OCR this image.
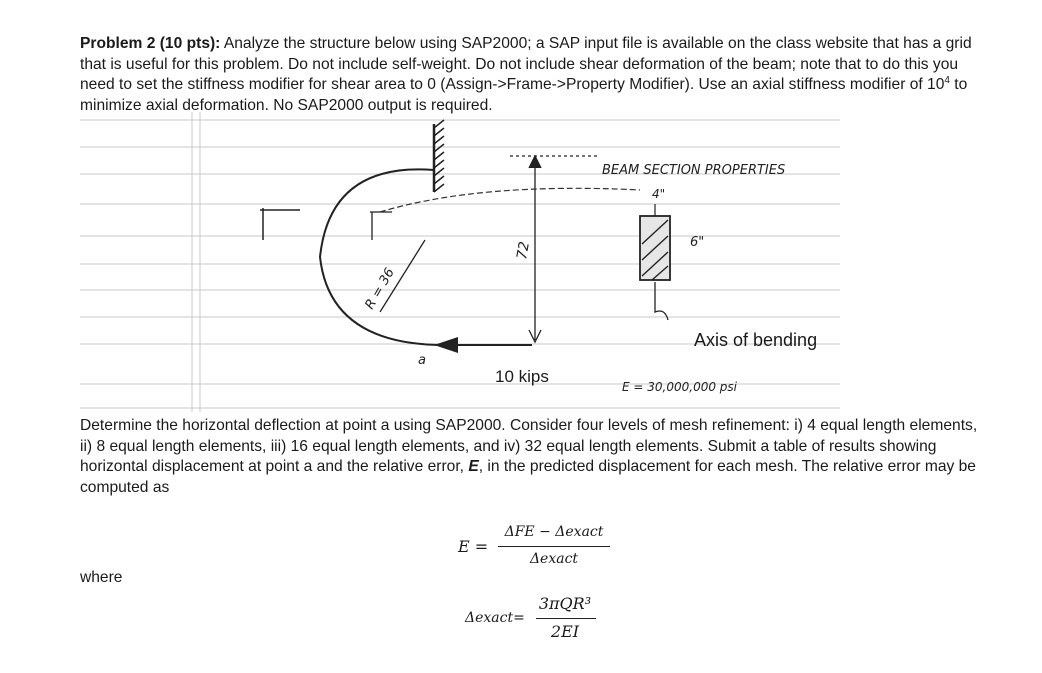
Problem 2 (10 pts): Analyze the structure below using SAP2000; a SAP input file is available on the class website that has a grid that is useful for this problem. Do not include self-weight. Do not include shear deformation of the beam; note that to do this you need to set the stiffness modifier for shear area to 0 (Assign->Frame->Property Modifier). Use an axial stiffness modifier of $10^4$ to minimize axial deformation. No SAP2000 output is required.
72
R = 36
a
10 kips
BEAM SECTION PROPERTIES
4"
6"
Axis of bending
E = 30,000,000 psi
Determine the horizontal deflection at point a using SAP2000. Consider four levels of mesh refinement: i) 4 equal length elements, ii) 8 equal length elements, iii) 16 equal length elements, and iv) 32 equal length elements. Submit a table of results showing horizontal displacement at point a and the relative error, E, in the predicted displacement for each mesh. The relative error may be computed as
E =
ΔFE − Δexact
Δexact
where
Δexact=
3πQR³
2EI
